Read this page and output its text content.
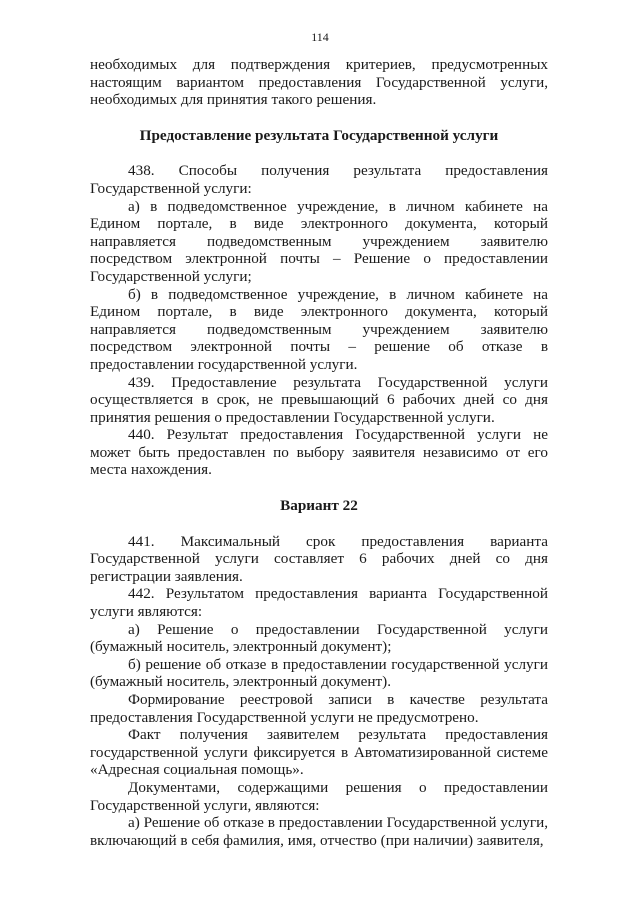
114

необходимых для подтверждения критериев, предусмотренных настоящим вариантом предоставления Государственной услуги, необходимых для принятия такого решения.

Предоставление результата Государственной услуги

438. Способы получения результата предоставления Государственной услуги:

а) в подведомственное учреждение, в личном кабинете на Едином портале, в виде электронного документа, который направляется подведомственным учреждением заявителю посредством электронной почты – Решение о предоставлении Государственной услуги;

б) в подведомственное учреждение, в личном кабинете на Едином портале, в виде электронного документа, который направляется подведомственным учреждением заявителю посредством электронной почты – решение об отказе в предоставлении государственной услуги.

439. Предоставление результата Государственной услуги осуществляется в срок, не превышающий 6 рабочих дней со дня принятия решения о предоставлении Государственной услуги.

440. Результат предоставления Государственной услуги не может быть предоставлен по выбору заявителя независимо от его места нахождения.

Вариант 22

441. Максимальный срок предоставления варианта Государственной услуги составляет 6 рабочих дней со дня регистрации заявления.

442. Результатом предоставления варианта Государственной услуги являются:

а) Решение о предоставлении Государственной услуги (бумажный носитель, электронный документ);

б) решение об отказе в предоставлении государственной услуги (бумажный носитель, электронный документ).

Формирование реестровой записи в качестве результата предоставления Государственной услуги не предусмотрено.

Факт получения заявителем результата предоставления государственной услуги фиксируется в Автоматизированной системе «Адресная социальная помощь».

Документами, содержащими решения о предоставлении Государственной услуги, являются:

а) Решение об отказе в предоставлении Государственной услуги, включающий в себя фамилия, имя, отчество (при наличии) заявителя,
